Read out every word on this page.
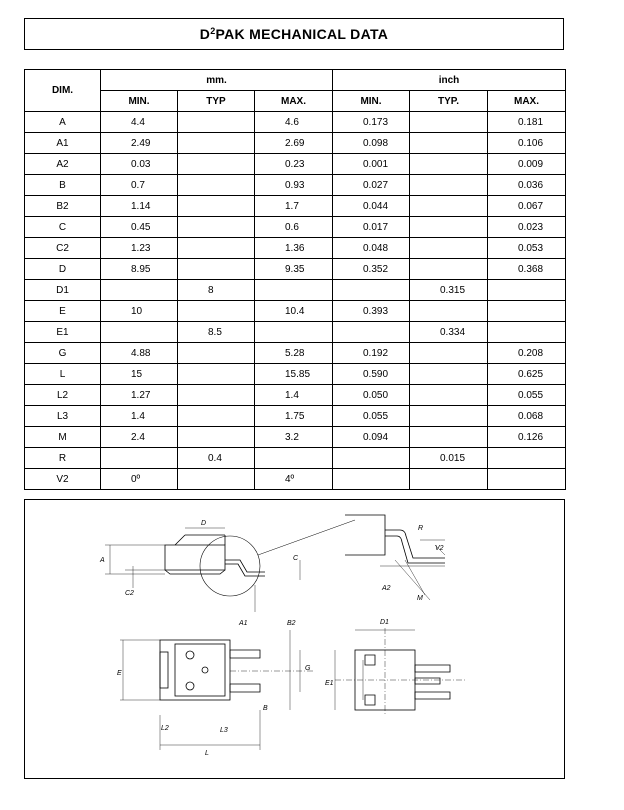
$D^2$ PAK MECHANICAL DATA
DIM.	mm.			inch		
	MIN.	TYP	MAX.	MIN.	TYP.	MAX.
A	4.4		4.6	0.173		0.181
A1	2.49		2.69	0.098		0.106
A2	0.03		0.23	0.001		0.009
B	0.7		0.93	0.027		0.036
B2	1.14		1.7	0.044		0.067
C	0.45		0.6	0.017		0.023
C2	1.23		1.36	0.048		0.053
D	8.95		9.35	0.352		0.368
D1		8			0.315	
E	10		10.4	0.393		
E1		8.5			0.334	
G	4.88		5.28	0.192		0.208
L	15		15.85	0.590		0.625
L2	1.27		1.4	0.050		0.055
L3	1.4		1.75	0.055		0.068
M	2.4		3.2	0.094		0.126
R		0.4			0.015	
V2	0º		4º			
A
C2
D
C
A1	B2
R
V2
A2
M
E
G
B
L2	L3
L
D1
E1
